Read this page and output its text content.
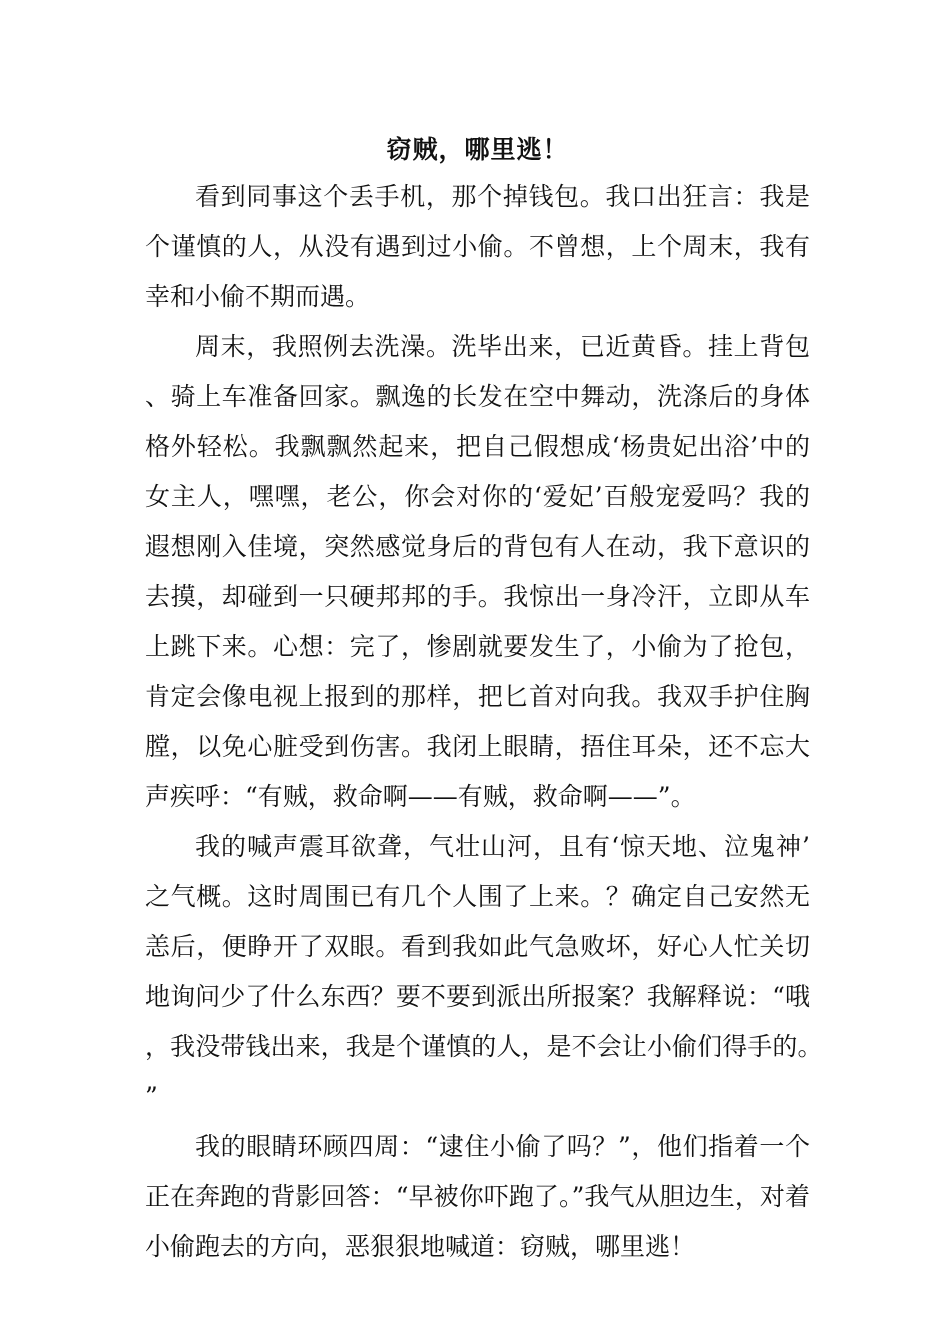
窃贼，哪里逃！

看到同事这个丢手机，那个掉钱包。我口出狂言：我是个谨慎的人，从没有遇到过小偷。不曾想，上个周末，我有幸和小偷不期而遇。

周末，我照例去洗澡。洗毕出来，已近黄昏。挂上背包、骑上车准备回家。飘逸的长发在空中舞动，洗涤后的身体格外轻松。我飘飘然起来，把自己假想成‘杨贵妃出浴’中的女主人，嘿嘿，老公，你会对你的‘爱妃’百般宠爱吗？我的遐想刚入佳境，突然感觉身后的背包有人在动，我下意识的去摸，却碰到一只硬邦邦的手。我惊出一身冷汗，立即从车上跳下来。心想：完了，惨剧就要发生了，小偷为了抢包，肯定会像电视上报到的那样，把匕首对向我。我双手护住胸膛，以免心脏受到伤害。我闭上眼睛，捂住耳朵，还不忘大声疾呼：“有贼，救命啊——有贼，救命啊——”。

我的喊声震耳欲聋，气壮山河，且有‘惊天地、泣鬼神’之气概。这时周围已有几个人围了上来。？确定自己安然无恙后，便睁开了双眼。看到我如此气急败坏，好心人忙关切地询问少了什么东西？要不要到派出所报案？我解释说：“哦，我没带钱出来，我是个谨慎的人，是不会让小偷们得手的。”

我的眼睛环顾四周：“逮住小偷了吗？”，他们指着一个正在奔跑的背影回答：“早被你吓跑了。”我气从胆边生，对着小偷跑去的方向，恶狠狠地喊道：窃贼，哪里逃！
